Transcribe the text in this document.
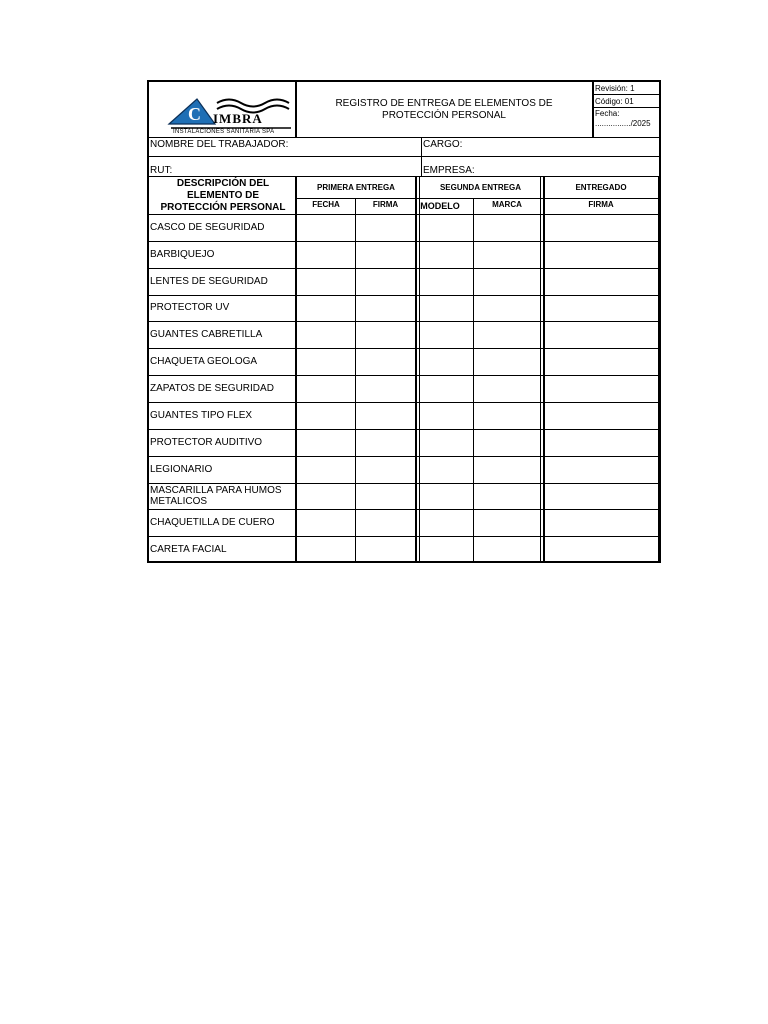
C IMBRA
INSTALACIONES SANITARIA SPA
REGISTRO DE ENTREGA DE ELEMENTOS DE PROTECCIÓN PERSONAL
Revisión: 1
Código: 01
Fecha:
................/2025
NOMBRE DEL TRABAJADOR:	CARGO:
RUT:	EMPRESA:
DESCRIPCIÓN DEL ELEMENTO DE PROTECCIÓN PERSONAL
PRIMERA ENTREGA	SEGUNDA ENTREGA	ENTREGADO
FECHA	FIRMA	MODELO	MARCA	FIRMA
CASCO DE SEGURIDAD
BARBIQUEJO
LENTES DE SEGURIDAD
PROTECTOR UV
GUANTES CABRETILLA
CHAQUETA GEOLOGA
ZAPATOS DE SEGURIDAD
GUANTES TIPO FLEX
PROTECTOR AUDITIVO
LEGIONARIO
MASCARILLA PARA HUMOS METALICOS
CHAQUETILLA DE CUERO
CARETA FACIAL
